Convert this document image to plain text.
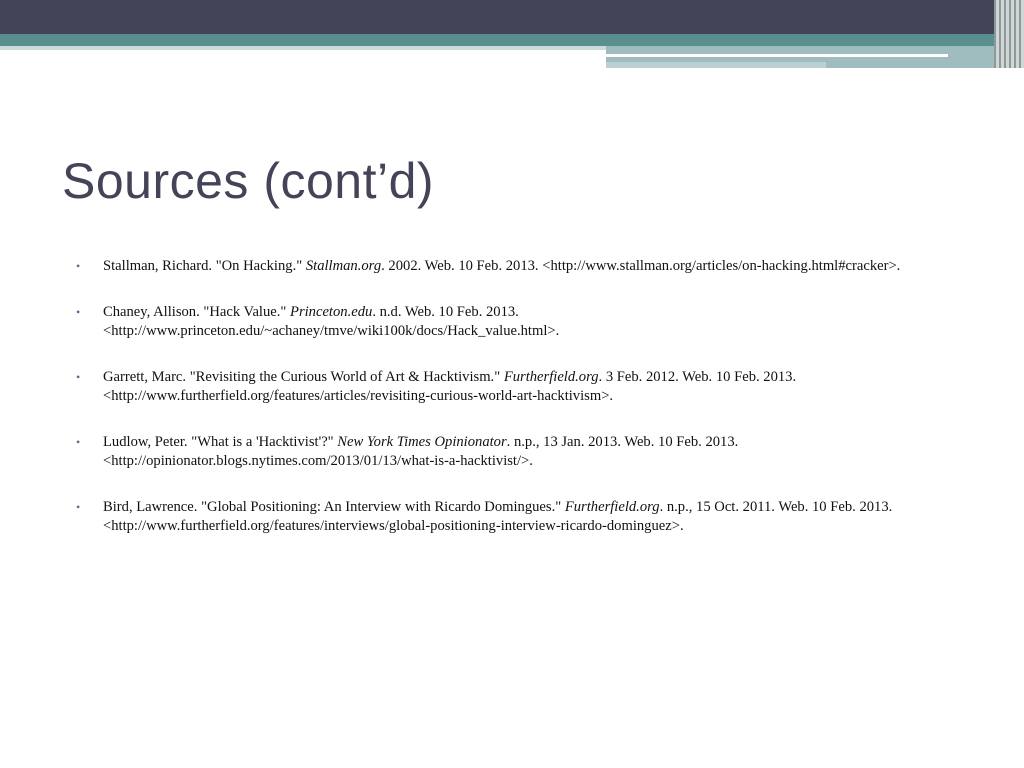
Sources (cont’d)
• Stallman, Richard. "On Hacking." Stallman.org. 2002. Web. 10 Feb. 2013. <http://www.stallman.org/articles/on-hacking.html#cracker>.
• Chaney, Allison. "Hack Value." Princeton.edu. n.d. Web. 10 Feb. 2013. <http://www.princeton.edu/~achaney/tmve/wiki100k/docs/Hack_value.html>.
• Garrett, Marc. "Revisiting the Curious World of Art & Hacktivism." Furtherfield.org. 3 Feb. 2012. Web. 10 Feb. 2013. <http://www.furtherfield.org/features/articles/revisiting-curious-world-art-hacktivism>.
• Ludlow, Peter. "What is a 'Hacktivist'?" New York Times Opinionator. n.p., 13 Jan. 2013. Web. 10 Feb. 2013. <http://opinionator.blogs.nytimes.com/2013/01/13/what-is-a-hacktivist/>.
• Bird, Lawrence. "Global Positioning: An Interview with Ricardo Domingues." Furtherfield.org. n.p., 15 Oct. 2011. Web. 10 Feb. 2013. <http://www.furtherfield.org/features/interviews/global-positioning-interview-ricardo-dominguez>.
